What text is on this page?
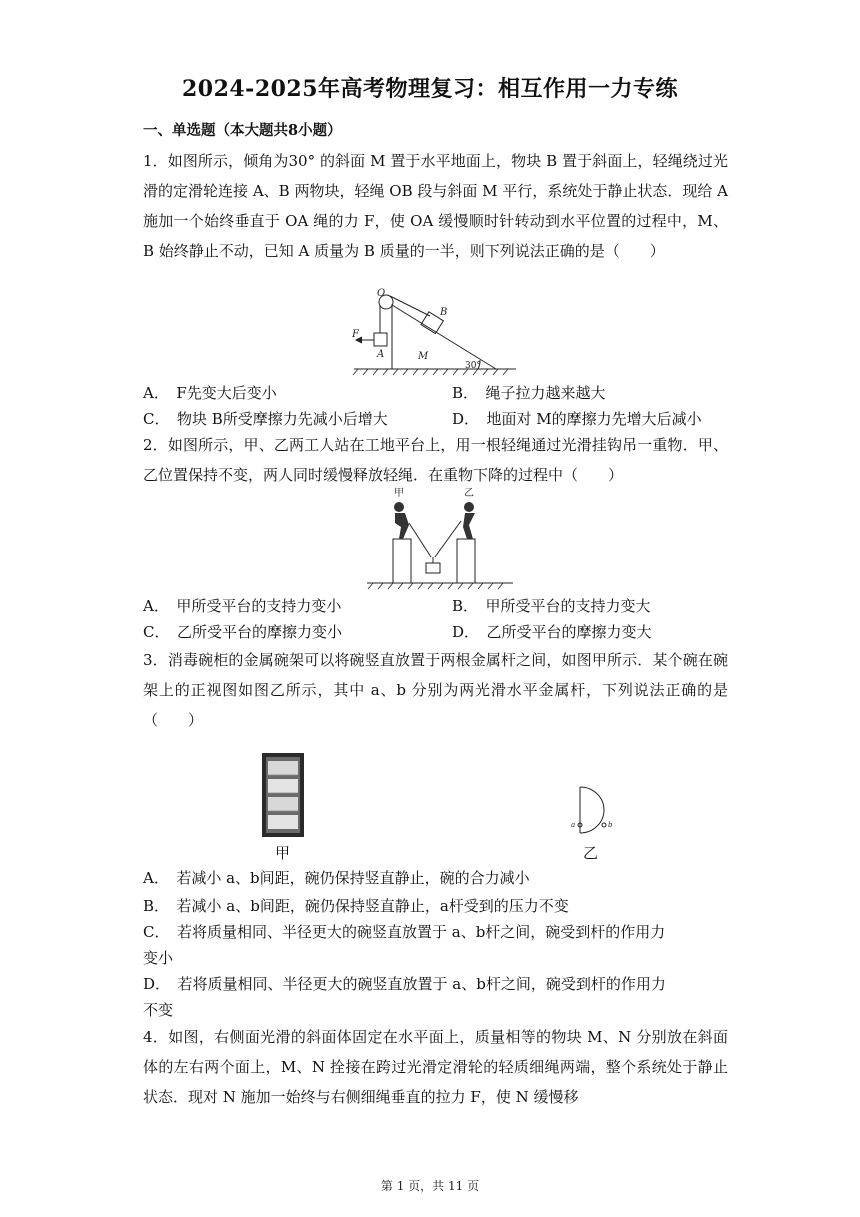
2024-2025年高考物理复习：相互作用一力专练
一、单选题（本大题共8小题）

1．如图所示，倾角为30° 的斜面 M 置于水平地面上，物块 B 置于斜面上，轻绳绕过光滑的定滑轮连接 A、B 两物块，轻绳 OB 段与斜面 M 平行，系统处于静止状态．现给 A 施加一个始终垂直于 OA 绳的力 F，使 OA 缓慢顺时针转动到水平位置的过程中，M、B 始终静止不动，已知 A 质量为 B 质量的一半，则下列说法正确的是（　　）

O
B
F
A	M
30°
A．　F先变大后变小	B．　绳子拉力越来越大
C．　物块 B所受摩擦力先减小后增大	D．　地面对 M的摩擦力先增大后减小

2．如图所示，甲、乙两工人站在工地平台上，用一根轻绳通过光滑挂钩吊一重物．甲、乙位置保持不变，两人同时缓慢释放轻绳．在重物下降的过程中（　　）

甲	乙
A．　甲所受平台的支持力变小	B．　甲所受平台的支持力变大
C．　乙所受平台的摩擦力变小	D．　乙所受平台的摩擦力变大

3．消毒碗柜的金属碗架可以将碗竖直放置于两根金属杆之间，如图甲所示．某个碗在碗架上的正视图如图乙所示，其中 a、b 分别为两光滑水平金属杆，下列说法正确的是（　　）

甲
a	b
乙
A．　若减小 a、b间距，碗仍保持竖直静止，碗的合力减小
B．　若减小 a、b间距，碗仍保持竖直静止，a杆受到的压力不变
C．　若将质量相同、半径更大的碗竖直放置于 a、b杆之间，碗受到杆的作用力
变小
D．　若将质量相同、半径更大的碗竖直放置于 a、b杆之间，碗受到杆的作用力
不变

4．如图，右侧面光滑的斜面体固定在水平面上，质量相等的物块 M、N 分别放在斜面体的左右两个面上，M、N 拴接在跨过光滑定滑轮的轻质细绳两端，整个系统处于静止状态．现对 N 施加一始终与右侧细绳垂直的拉力 F，使 N 缓慢移

第 1 页，共 11 页
